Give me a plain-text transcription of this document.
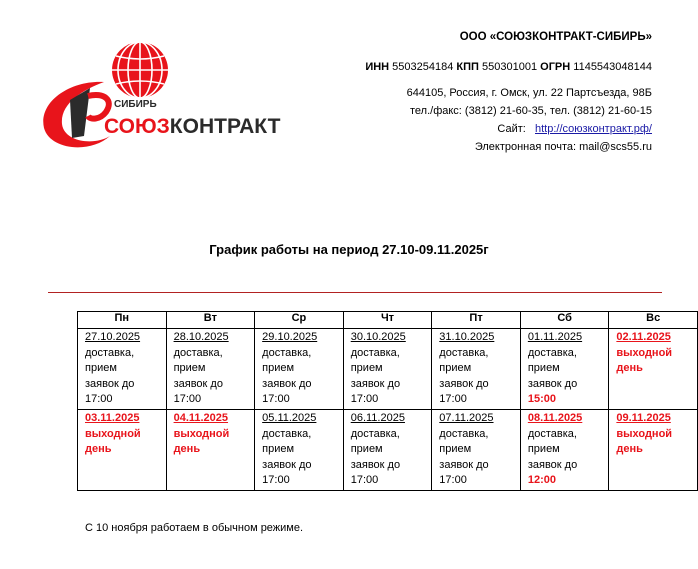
СИБИРЬ
СОЮЗКОНТРАКТ
ООО «СОЮЗКОНТРАКТ-СИБИРЬ»
ИНН 5503254184 КПП 550301001 ОГРН 1145543048144
644105, Россия, г. Омск, ул. 22 Партсъезда, 98Б
тел./факс: (3812) 21-60-35, тел. (3812) 21-60-15
Сайт: http://союзконтракт.рф/
Электронная почта: mail@scs55.ru
График работы на период 27.10-09.11.2025г
Пн	Вт	Ср	Чт	Пт	Сб	Вс
27.10.2025
доставка,
прием
заявок до
17:00	28.10.2025
доставка,
прием
заявок до
17:00	29.10.2025
доставка,
прием
заявок до
17:00	30.10.2025
доставка,
прием
заявок до
17:00	31.10.2025
доставка,
прием
заявок до
17:00	01.11.2025
доставка,
прием
заявок до
15:00	02.11.2025
выходной
день
03.11.2025
выходной
день	04.11.2025
выходной
день	05.11.2025
доставка,
прием
заявок до
17:00	06.11.2025
доставка,
прием
заявок до
17:00	07.11.2025
доставка,
прием
заявок до
17:00	08.11.2025
доставка,
прием
заявок до
12:00	09.11.2025
выходной
день
С 10 ноября работаем в обычном режиме.
